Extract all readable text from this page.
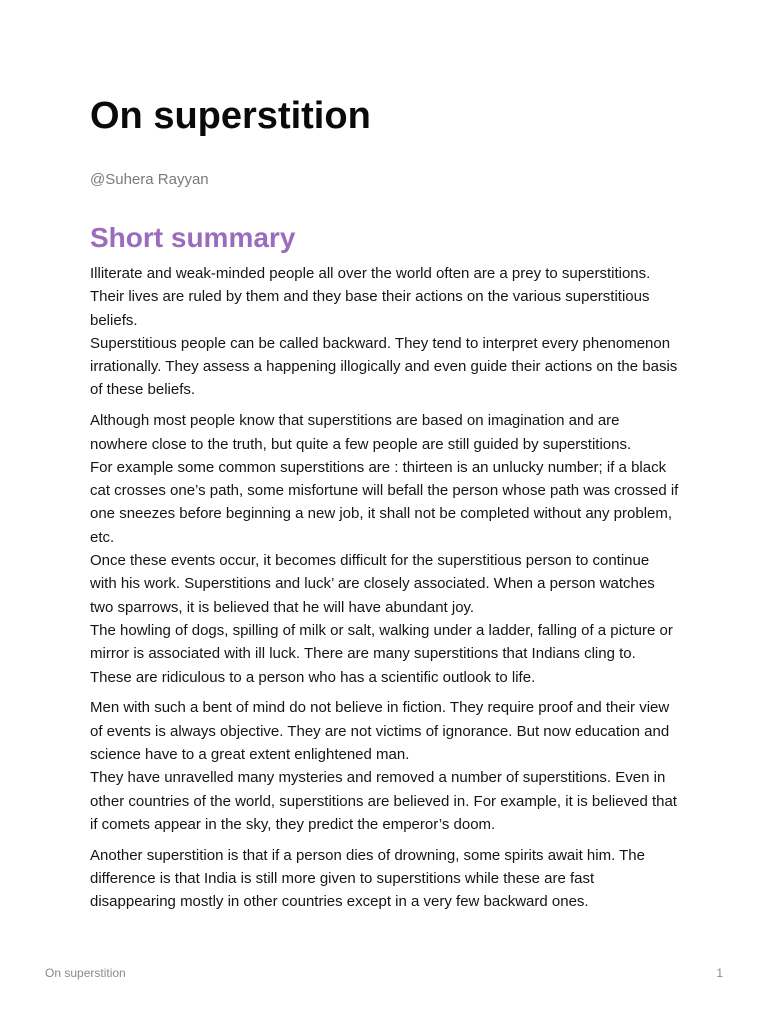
On superstition
@Suhera Rayyan
Short summary

Illiterate and weak-minded people all over the world often are a prey to superstitions. Their lives are ruled by them and they base their actions on the various superstitious beliefs.

Superstitious people can be called backward. They tend to interpret every phenomenon irrationally. They assess a happening illogically and even guide their actions on the basis of these beliefs.

Although most people know that superstitions are based on imagination and are nowhere close to the truth, but quite a few people are still guided by superstitions.

For example some common superstitions are : thirteen is an unlucky number; if a black cat crosses one’s path, some misfortune will befall the person whose path was crossed if one sneezes before beginning a new job, it shall not be completed without any problem, etc.

Once these events occur, it becomes difficult for the superstitious person to continue with his work. Superstitions and luck’ are closely associated. When a person watches two sparrows, it is believed that he will have abundant joy.

The howling of dogs, spilling of milk or salt, walking under a ladder, falling of a picture or mirror is associated with ill luck. There are many superstitions that Indians cling to. These are ridiculous to a person who has a scientific outlook to life.

Men with such a bent of mind do not believe in fiction. They require proof and their view of events is always objective. They are not victims of ignorance. But now education and science have to a great extent enlightened man.

They have unravelled many mysteries and removed a number of superstitions. Even in other countries of the world, superstitions are believed in. For example, it is believed that if comets appear in the sky, they predict the emperor’s doom.

Another superstition is that if a person dies of drowning, some spirits await him. The difference is that India is still more given to superstitions while these are fast disappearing mostly in other countries except in a very few backward ones.

On superstition	1
